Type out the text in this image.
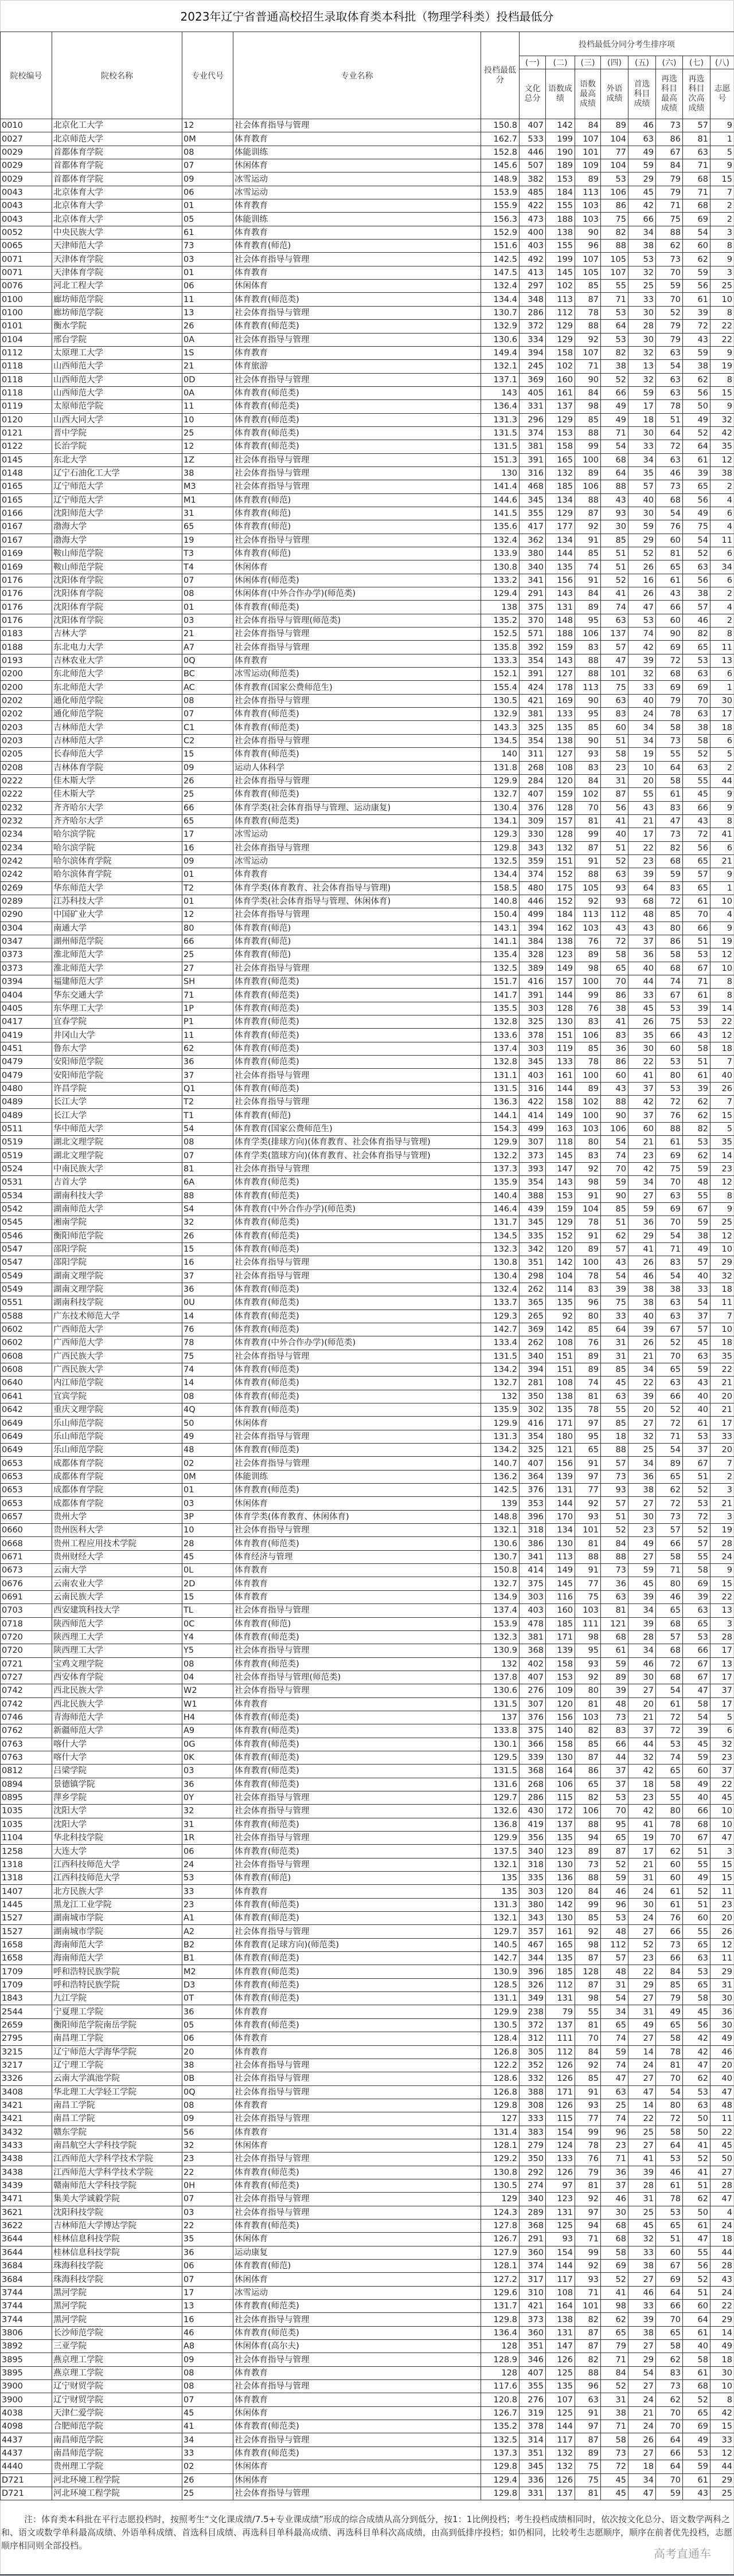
2023年辽宁省普通高校招生录取体育类本科批（物理学科类）投档最低分
院校编号	院校名称	专业代号	专业名称	投档最低分	投档最低分同分考生排序项							
					(一)	(二)	(三)	(四)	(五)	(六)	(七)	(八)
					文化总分	语数成绩	语数最高成绩	外语成绩	首选科目成绩	再选科目最高成绩	再选科目次高成绩	志愿号
0010	北京化工大学	12	社会体育指导与管理	150.8	407	142	84	89	46	73	57	9
0027	北京师范大学	0M	体育教育	162.7	533	199	107	104	63	86	81	1
0029	首都体育学院	08	体能训练	152.8	446	190	101	77	49	67	63	5
0029	首都体育学院	07	休闲体育	145.6	507	189	109	104	59	84	71	9
0029	首都体育学院	09	冰雪运动	148.9	382	153	89	53	29	79	68	15
0043	北京体育大学	06	冰雪运动	153.9	485	184	113	106	45	79	71	7
0043	北京体育大学	01	体育教育	155.9	422	155	103	86	42	71	68	2
0043	北京体育大学	05	体能训练	156.3	473	188	103	75	66	75	69	2
0052	中央民族大学	61	体育教育	152.9	400	138	90	82	34	88	54	3
0065	天津师范大学	73	体育教育(师范)	151.6	403	155	96	88	38	62	60	8
0071	天津体育学院	03	社会体育指导与管理	142.5	492	199	107	105	53	73	62	9
0071	天津体育学院	01	体育教育	147.5	413	145	105	107	32	70	59	3
0076	河北工程大学	06	休闲体育	132.4	297	102	85	55	25	59	56	25
0100	廊坊师范学院	11	体育教育(师范类)	134.4	348	113	87	71	33	70	61	10
0100	廊坊师范学院	13	社会体育指导与管理	130.7	286	112	78	53	30	52	39	8
0101	衡水学院	26	体育教育(师范类)	132.9	372	129	88	64	28	79	72	22
0104	邢台学院	0A	社会体育指导与管理	130.6	334	129	92	53	30	79	43	22
0112	太原理工大学	1S	体育教育	149.4	394	158	107	82	32	63	59	9
0118	山西师范大学	21	体育旅游	132.1	245	102	71	38	13	54	38	19
0118	山西师范大学	0D	社会体育指导与管理	137.1	369	160	90	52	32	63	62	8
0118	山西师范大学	0A	体育教育(师范类)	143	405	161	84	66	59	63	56	15
0119	太原师范学院	11	体育教育(师范类)	136.4	331	137	98	49	17	78	50	9
0120	山西大同大学	10	体育教育(师范类)	131.3	296	129	85	49	18	51	49	32
0121	晋中学院	25	体育教育(师范类)	131.5	374	153	88	71	30	64	52	42
0122	长治学院	12	体育教育(师范类)	131.5	381	158	99	54	33	72	64	35
0145	东北大学	1Z	社会体育指导与管理	151.3	391	165	100	68	34	63	61	12
0148	辽宁石油化工大学	38	社会体育指导与管理	130	316	132	89	64	35	46	39	38
0165	辽宁师范大学	M3	社会体育指导与管理	141.4	468	185	106	88	57	73	65	2
0165	辽宁师范大学	M1	体育教育(师范)	144.6	345	134	88	43	40	68	56	4
0166	沈阳师范大学	31	体育教育(师范)	141.5	355	129	87	93	30	54	49	6
0167	渤海大学	65	体育教育(师范)	135.6	417	177	92	30	59	76	75	4
0167	渤海大学	19	社会体育指导与管理	132.4	362	134	91	85	29	60	54	11
0169	鞍山师范学院	T3	体育教育(师范)	133.9	380	144	85	51	52	81	52	6
0169	鞍山师范学院	T4	休闲体育	130.8	340	135	74	51	26	65	63	34
0176	沈阳体育学院	07	休闲体育(师范类)	133.2	341	156	91	52	16	61	56	6
0176	沈阳体育学院	08	休闲体育(中外合作办学)(师范类)	129.4	291	143	84	41	26	43	38	2
0176	沈阳体育学院	01	体育教育(师范类)	138	375	131	89	74	47	66	57	4
0176	沈阳体育学院	03	社会体育指导与管理(师范类)	135.2	370	148	95	63	53	60	46	2
0183	吉林大学	21	社会体育指导与管理	152.5	571	188	106	137	74	90	82	8
0188	东北电力大学	A7	社会体育指导与管理	135.8	392	159	83	57	42	69	65	11
0193	吉林农业大学	0Q	体育教育	133.3	354	143	88	47	39	72	53	13
0200	东北师范大学	BC	冰雪运动(师范类)	152.1	391	127	88	101	32	68	63	6
0200	东北师范大学	AC	体育教育(国家公费师范生)	155.4	424	178	113	75	33	69	69	1
0202	通化师范学院	08	社会体育指导与管理	130.5	421	169	90	63	40	79	70	30
0202	通化师范学院	07	体育教育(师范类)	132.9	381	133	95	83	24	78	63	17
0203	吉林师范大学	C1	体育教育(师范类)	143.3	325	135	85	60	34	58	38	18
0203	吉林师范大学	C2	社会体育指导与管理	134.5	354	138	90	51	34	73	58	6
0205	长春师范大学	15	体育教育(师范类)	140	311	127	93	58	19	55	52	5
0208	吉林体育学院	09	运动人体科学	131.8	268	108	83	23	10	64	63	2
0222	佳木斯大学	26	社会体育指导与管理	129.9	284	120	84	31	20	58	55	44
0222	佳木斯大学	25	体育教育(师范类)	132.7	407	159	102	87	55	61	45	9
0232	齐齐哈尔大学	66	体育学类(社会体育指导与管理、运动康复)	130.4	376	128	70	56	43	83	66	9
0232	齐齐哈尔大学	65	体育教育(师范类)	134.1	309	157	81	41	21	47	43	8
0234	哈尔滨学院	17	冰雪运动	129.3	330	128	99	40	17	73	72	41
0234	哈尔滨学院	16	社会体育指导与管理	129.8	343	132	87	51	22	82	56	6
0242	哈尔滨体育学院	09	冰雪运动	132.5	359	151	91	52	23	68	65	21
0242	哈尔滨体育学院	01	体育教育	134.4	374	152	88	63	39	59	57	9
0269	华东师范大学	T2	体育学类(体育教育、社会体育指导与管理)	158.5	480	175	105	93	64	83	65	1
0289	江苏科技大学	01	体育学类(社会体育指导与管理、休闲体育)	140.8	446	152	92	93	68	72	61	10
0290	中国矿业大学	12	社会体育指导与管理	150.4	499	184	113	112	48	85	70	4
0304	南通大学	80	体育教育(师范)	143.1	394	162	103	43	43	80	66	9
0347	湖州师范学院	66	体育教育(师范)	141.1	384	138	76	72	37	86	51	19
0373	淮北师范大学	25	体育教育(师范)	135.4	328	123	89	58	36	58	53	12
0373	淮北师范大学	27	社会体育指导与管理	132.5	389	149	98	65	40	68	67	10
0394	福建师范大学	SH	体育教育(师范类)	151.7	416	157	100	70	44	74	71	8
0404	华东交通大学	71	体育教育(师范类)	141.7	391	144	99	86	33	67	61	8
0405	东华理工大学	1P	体育教育(师范类)	135.5	303	128	76	38	45	53	39	14
0417	宜春学院	P1	体育教育(师范类)	132.8	325	130	83	41	26	75	53	22
0419	井冈山大学	11	体育教育(师范类)	133.6	378	151	106	83	35	66	43	12
0451	鲁东大学	62	体育教育(师范类)	137.4	303	119	85	36	30	60	58	18
0479	安阳师范学院	36	体育教育(师范类)	132.8	345	133	78	86	22	53	51	7
0479	安阳师范学院	37	社会体育指导与管理	131.1	403	161	100	60	41	80	61	40
0480	许昌学院	Q1	体育教育(师范类)	131.5	316	144	89	43	37	53	39	26
0489	长江大学	T2	社会体育指导与管理	136.3	422	158	102	88	42	72	62	7
0489	长江大学	T1	体育教育(师范)	144.1	414	149	100	90	37	76	62	15
0511	华中师范大学	54	体育教育(国家公费师范生)	154.3	499	163	103	106	60	88	82	5
0519	湖北文理学院	08	体育学类(排球方向)(体育教育、社会体育指导与管理)	129.9	307	118	80	54	21	61	53	35
0519	湖北文理学院	07	体育学类(篮球方向)(体育教育、社会体育指导与管理)	132.2	373	145	83	74	23	69	62	14
0524	中南民族大学	81	社会体育指导与管理	137.3	393	147	92	70	42	75	59	23
0531	吉首大学	6A	体育教育(师范类)	135.9	354	143	98	59	34	70	48	12
0534	湖南科技大学	88	体育教育(师范类)	140.4	388	153	91	90	27	63	55	8
0542	湖南师范大学	S4	体育教育(中外合作办学)(师范类)	146.4	439	159	104	85	59	69	67	9
0545	湘南学院	32	体育教育(师范类)	131.7	345	129	78	51	36	70	59	25
0546	衡阳师范学院	26	体育教育(师范类)	134.5	335	152	91	62	29	54	38	12
0547	邵阳学院	15	体育教育(师范类)	132.3	342	120	89	57	41	71	49	10
0547	邵阳学院	16	社会体育指导与管理	130.8	351	142	100	43	26	83	57	29
0549	湖南文理学院	37	社会体育指导与管理	130.4	298	104	78	54	46	54	40	32
0549	湖南文理学院	36	体育教育(师范类)	132.4	262	114	83	39	38	38	33	18
0551	湖南科技学院	0U	体育教育(师范类)	133.7	365	135	96	75	38	63	54	11
0588	广东技术师范大学	14	体育教育(师范类)	129.3	265	92	80	33	40	63	37	7
0602	广西师范大学	76	体育教育(师范类)	142.7	369	142	85	64	39	67	57	10
0602	广西师范大学	78	体育教育(中外合作办学)(师范类)	133.4	262	108	76	31	26	52	45	18
0608	广西民族大学	75	社会体育指导与管理	131.5	340	151	89	31	21	70	63	35
0608	广西民族大学	74	体育教育(师范类)	134.2	394	151	89	85	34	65	59	22
0640	内江师范学院	14	体育教育(师范类)	132.7	281	108	74	45	22	63	43	21
0641	宜宾学院	08	体育教育(师范类)	132	350	138	81	63	39	66	40	20
0642	重庆文理学院	4Q	体育教育(师范类)	135.9	302	135	78	55	20	52	40	21
0649	乐山师范学院	50	休闲体育	129.9	416	171	97	85	27	72	61	17
0649	乐山师范学院	49	社会体育指导与管理	131.3	354	180	95	18	32	71	53	33
0649	乐山师范学院	48	体育教育(师范类)	134.2	325	121	65	88	25	54	37	20
0653	成都体育学院	02	社会体育指导与管理	140.7	407	156	91	57	34	89	67	7
0653	成都体育学院	0M	体能训练	136.2	364	139	97	73	36	65	51	2
0653	成都体育学院	01	体育教育(师范类)	142.5	376	131	77	93	38	62	52	3
0653	成都体育学院	03	休闲体育	139	353	144	92	57	27	72	53	21
0657	贵州大学	3P	体育学类(体育教育、休闲体育)	148.8	396	170	93	51	30	73	72	3
0660	贵州医科大学	10	社会体育指导与管理	132.1	318	134	101	52	23	57	52	19
0668	贵州工程应用技术学院	28	体育教育(师范类)	130.6	386	130	81	84	49	66	57	28
0671	贵州财经大学	45	体育经济与管理	130.7	341	113	88	88	27	58	55	24
0673	云南大学	0L	体育教育	150.8	414	149	91	73	59	71	58	9
0676	云南农业大学	2D	体育教育	132.7	375	145	77	36	45	80	69	15
0691	云南民族大学	15	体育教育	134.9	303	116	75	63	39	46	39	22
0703	西安建筑科技大学	TL	社会体育指导与管理	137.4	403	160	103	81	34	65	63	13
0718	陕西师范大学	0C	体育教育(师范)	153.9	478	185	111	121	39	68	65	3
0720	陕西理工大学	Y4	体育教育(师范类)	132.3	381	171	98	68	28	57	53	28
0720	陕西理工大学	Y5	社会体育指导与管理	130.9	368	139	95	61	34	68	66	17
0721	宝鸡文理学院	08	体育教育(师范类)	132	402	158	93	59	46	72	67	13
0727	西安体育学院	04	社会体育指导与管理(师范类)	137.8	407	153	92	89	30	68	67	17
0742	西北民族大学	W2	社会体育指导与管理	130.6	276	109	80	39	27	54	47	37
0742	西北民族大学	W1	体育教育	131.5	307	120	81	48	20	61	58	17
0746	青海师范大学	H4	体育教育(师范类)	137	376	156	103	73	21	72	54	5
0762	新疆师范大学	A9	体育教育(师范类)	133.8	375	140	82	83	37	72	39	6
0763	喀什大学	0G	体育教育(师范类)	130.1	366	158	85	66	44	53	45	32
0763	喀什大学	0K	体育教育(师范类)	129.5	339	130	87	44	32	74	59	23
0812	吕梁学院	03	体育教育(师范类)	131.5	368	164	86	37	42	65	60	37
0894	景德镇学院	36	体育教育(师范类)	131.6	268	106	65	37	18	58	49	22
0895	萍乡学院	0Y	社会体育指导与管理	129.7	286	115	82	53	23	55	40	45
1035	沈阳大学	32	社会体育指导与管理	132.6	430	172	106	70	42	80	66	10
1035	沈阳大学	31	体育教育(师范类)	136.8	419	137	88	95	41	78	68	10
1104	华北科技学院	1R	社会体育指导与管理	129.9	356	135	94	65	19	70	67	47
1258	大连大学	06	体育教育(师范类)	137.5	340	123	89	87	17	62	51	3
1318	江西科技师范大学	24	社会体育指导与管理	132.1	318	130	73	52	21	60	55	15
1318	江西科技师范大学	53	体育教育(师范)	135	335	136	88	59	31	60	49	15
1407	北方民族大学	33	体育教育	135	303	120	84	46	24	61	52	11
1445	黑龙江工业学院	23	体育教育(师范类)	131.3	380	142	99	96	30	61	51	23
1527	湖南城市学院	A1	体育教育(师范类)	132.1	343	130	85	53	24	76	60	20
1527	湖南城市学院	A2	社会体育指导与管理	129.7	357	161	92	48	27	66	55	26
1658	海南师范大学	B2	体育教育(足球方向)(师范类)	140.5	467	165	98	112	52	73	65	12
1658	海南师范大学	B1	体育教育(师范类)	142.7	344	135	87	57	23	66	63	11
1709	呼和浩特民族学院	M2	体育教育(师范类)	130.9	396	185	128	48	22	84	53	29
1709	呼和浩特民族学院	D3	体育教育(师范类)	128.5	326	112	87	31	29	85	65	31
1843	九江学院	0T	体育教育(师范类)	131.1	349	131	98	54	27	79	58	30
2544	宁夏理工学院	36	体育教育	129.9	238	79	55	34	31	49	45	36
2659	衡阳师范学院南岳学院	05	体育教育(师范类)	130.5	372	137	81	65	49	65	56	30
2795	南昌理工学院	06	体育教育	128.4	312	111	70	74	27	58	42	49
3215	辽宁师范大学海华学院	20	体育教育	126.8	305	112	84	59	14	78	42	46
3217	辽宁理工学院	38	社会体育指导与管理	122.2	352	126	92	74	24	81	47	20
3326	云南大学滇池学院	0B	社会体育指导与管理	128.6	332	126	85	47	27	70	62	40
3408	华北理工大学轻工学院	0Q	社会体育指导与管理	126.8	388	171	91	63	47	54	53	47
3421	南昌工学院	08	体育教育	129.8	308	126	93	25	14	80	63	48
3421	南昌工学院	09	社会体育指导与管理	127	333	115	77	74	22	72	50	11
3432	赣东学院	56	体育教育	131.4	383	154	99	96	25	58	50	22
3433	南昌航空大学科技学院	32	休闲体育	128.1	279	124	78	23	27	64	41	45
3438	江西师范大学科学技术学院	23	社会体育指导与管理	129.2	350	133	76	71	41	53	52	50
3438	江西师范大学科学技术学院	22	体育教育(师范类)	130.8	292	126	79	36	39	46	41	27
3439	赣南师范大学科技学院	0H	体育教育(师范类)	130.5	274	97	81	37	28	61	51	28
3471	集美大学诚毅学院	07	社会体育指导与管理	129	340	123	92	46	31	78	62	47
3621	沈阳科技学院	03	社会体育指导与管理	124.3	289	131	97	30	25	53	50	4
3622	吉林师范大学博达学院	22	体育教育(师范类)	127.8	368	125	94	68	45	65	61	24
3644	桂林信息科技学院	35	休闲体育	126.7	291	93	71	68	32	51	47	18
3644	桂林信息科技学院	36	运动康复	127.9	360	154	99	58	33	60	55	44
3684	珠海科技学院	06	体育教育(师范)	128.1	374	144	92	69	38	67	56	28
3684	珠海科技学院	07	休闲体育	127.2	317	117	93	52	27	69	52	43
3744	黑河学院	17	冰雪运动	129.6	310	108	71	41	46	64	51	24
3744	黑河学院	13	体育教育(师范类)	131.7	421	164	101	98	33	66	60	22
3744	黑河学院	16	社会体育指导与管理	129.8	373	138	82	62	39	70	64	29
3806	长沙师范学院	46	体育教育(师范类)	136.4	360	131	87	65	38	65	61	14
3892	三亚学院	A8	休闲体育(高尔夫)	128	351	147	87	79	27	58	40	49
3895	燕京理工学院	09	社会体育指导与管理	128.9	346	126	82	71	29	62	58	18
3895	燕京理工学院	08	体育教育	128	407	125	88	84	54	83	61	30
3900	辽宁财贸学院	08	社会体育指导与管理	117.6	355	135	96	52	27	73	68	10
3900	辽宁财贸学院	07	体育教育	120.8	276	107	63	31	24	62	52	8
4038	天津仁爱学院	45	休闲体育	126.7	319	125	91	38	21	70	65	42
4098	合肥师范学院	41	体育教育(师范类)	135.2	378	144	97	71	24	70	69	15
4437	南昌师范学院	34	社会体育指导与管理	132.5	314	117	87	58	26	64	49	33
4437	南昌师范学院	33	体育教育(师范类)	137.3	351	132	89	73	27	66	53	12
4440	贵州理工学院	02	休闲体育	129.8	345	132	75	72	18	64	59	44
D721	河北环境工程学院	26	休闲体育	129.4	336	126	75	45	34	70	61	29
D721	河北环境工程学院	25	社会体育指导与管理	129.8	331	137	81	45	47	59	43	25
注：体育类本科批在平行志愿投档时，按照考生“文化课成绩/7.5+专业课成绩”形成的综合成绩从高分到低分，按1：1比例投档；考生投档成绩相同时，依次按文化总分、语文数学两科之和、语文或数学单科最高成绩、外语单科成绩、首选科目成绩、再选科目单科最高成绩、再选科目单科次高成绩，由高到低排序投档；如仍相同，比较考生志愿顺序，顺序在前者优先投档，志愿顺序相同则全部投档。
高考直通车
